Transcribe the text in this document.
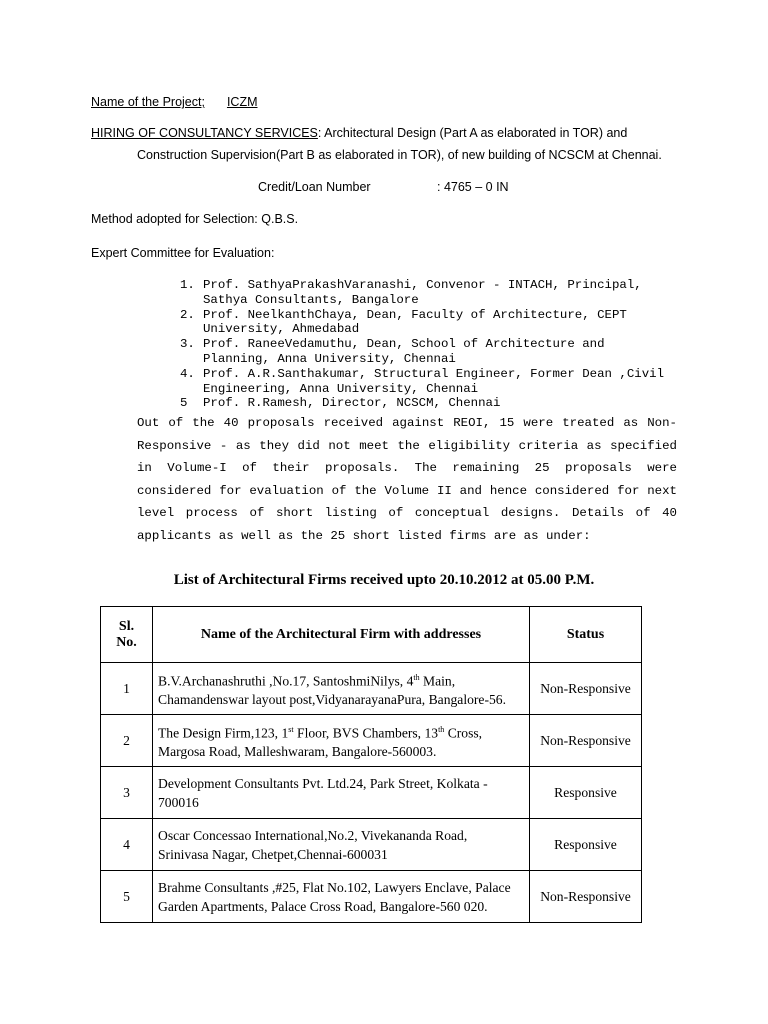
Name of the Project; ICZM
HIRING OF CONSULTANCY SERVICES: Architectural Design (Part A as elaborated in TOR) and
Construction Supervision(Part B as elaborated in TOR), of new building of NCSCM at Chennai.
Credit/Loan Number	: 4765 – 0 IN
Method adopted for Selection: Q.B.S.
Expert Committee for Evaluation:
1. Prof. SathyaPrakashVaranashi, Convenor - INTACH, Principal,
Sathya Consultants, Bangalore
2. Prof. NeelkanthChaya, Dean, Faculty of Architecture, CEPT
University, Ahmedabad
3. Prof. RaneeVedamuthu, Dean, School of Architecture and
Planning, Anna University, Chennai
4. Prof. A.R.Santhakumar, Structural Engineer, Former Dean ,Civil
Engineering, Anna University, Chennai
5	Prof. R.Ramesh, Director, NCSCM, Chennai

Out of the 40 proposals received against REOI, 15 were treated as Non-Responsive - as they did not meet the eligibility criteria as specified in Volume-I of their proposals. The remaining 25 proposals were considered for evaluation of the Volume II and hence considered for next level process of short listing of conceptual designs. Details of 40 applicants as well as the 25 short listed firms are as under:

List of Architectural Firms received upto 20.10.2012 at 05.00 P.M.
Sl.
No.	Name of the Architectural Firm with addresses	Status
1	B.V.Archanashruthi ,No.17, SantoshmiNilys, 4th Main,
Chamandenswar layout post,VidyanarayanaPura, Bangalore-56.	Non-Responsive
2	The Design Firm,123, 1st Floor, BVS Chambers, 13th Cross,
Margosa Road, Malleshwaram, Bangalore-560003.	Non-Responsive
3	Development Consultants Pvt. Ltd.24, Park Street, Kolkata -
700016	Responsive
4	Oscar Concessao International,No.2, Vivekananda Road,
Srinivasa Nagar, Chetpet,Chennai-600031	Responsive
5	Brahme Consultants ,#25, Flat No.102, Lawyers Enclave, Palace
Garden Apartments, Palace Cross Road, Bangalore-560 020.	Non-Responsive
